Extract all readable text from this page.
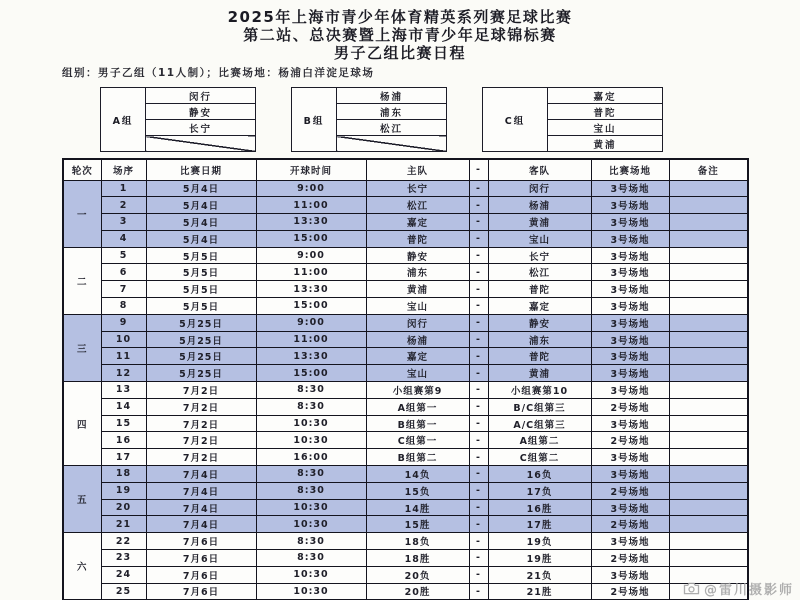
2025年上海市青少年体育精英系列赛足球比赛
第二站、总决赛暨上海市青少年足球锦标赛
男子乙组比赛日程
组别：男子乙组（11人制）；比赛场地：杨浦白洋淀足球场
A组	闵行
静安
长宁

B组	杨浦
浦东
松江

C组	嘉定
普陀
宝山
黄浦
轮次	场序	比赛日期	开球时间	主队	-	客队	比赛场地	备注
一	1	5月4日	9:00	长宁	-	闵行	3号场地	
	2	5月4日	11:00	松江	-	杨浦	3号场地	
	3	5月4日	13:30	嘉定	-	黄浦	3号场地	
	4	5月4日	15:00	普陀	-	宝山	3号场地	
二	5	5月5日	9:00	静安	-	长宁	3号场地	
	6	5月5日	11:00	浦东	-	松江	3号场地	
	7	5月5日	13:30	黄浦	-	普陀	3号场地	
	8	5月5日	15:00	宝山	-	嘉定	3号场地	
三	9	5月25日	9:00	闵行	-	静安	3号场地	
	10	5月25日	11:00	杨浦	-	浦东	3号场地	
	11	5月25日	13:30	嘉定	-	普陀	3号场地	
	12	5月25日	15:00	宝山	-	黄浦	3号场地	
四	13	7月2日	8:30	小组赛第9	-	小组赛第10	3号场地	
	14	7月2日	8:30	A组第一	-	B/C组第三	2号场地	
	15	7月2日	10:30	B组第一	-	A/C组第三	3号场地	
	16	7月2日	10:30	C组第一	-	A组第二	2号场地	
	17	7月2日	16:00	B组第二	-	C组第二	3号场地	
五	18	7月4日	8:30	14负	-	16负	3号场地	
	19	7月4日	8:30	15负	-	17负	2号场地	
	20	7月4日	10:30	14胜	-	16胜	3号场地	
	21	7月4日	10:30	15胜	-	17胜	2号场地	
六	22	7月6日	8:30	18负	-	19负	3号场地	
	23	7月6日	8:30	18胜	-	19胜	2号场地	
	24	7月6日	10:30	20负	-	21负	3号场地	
	25	7月6日	10:30	20胜	-	21胜	2号场地		@雷川摄影师
